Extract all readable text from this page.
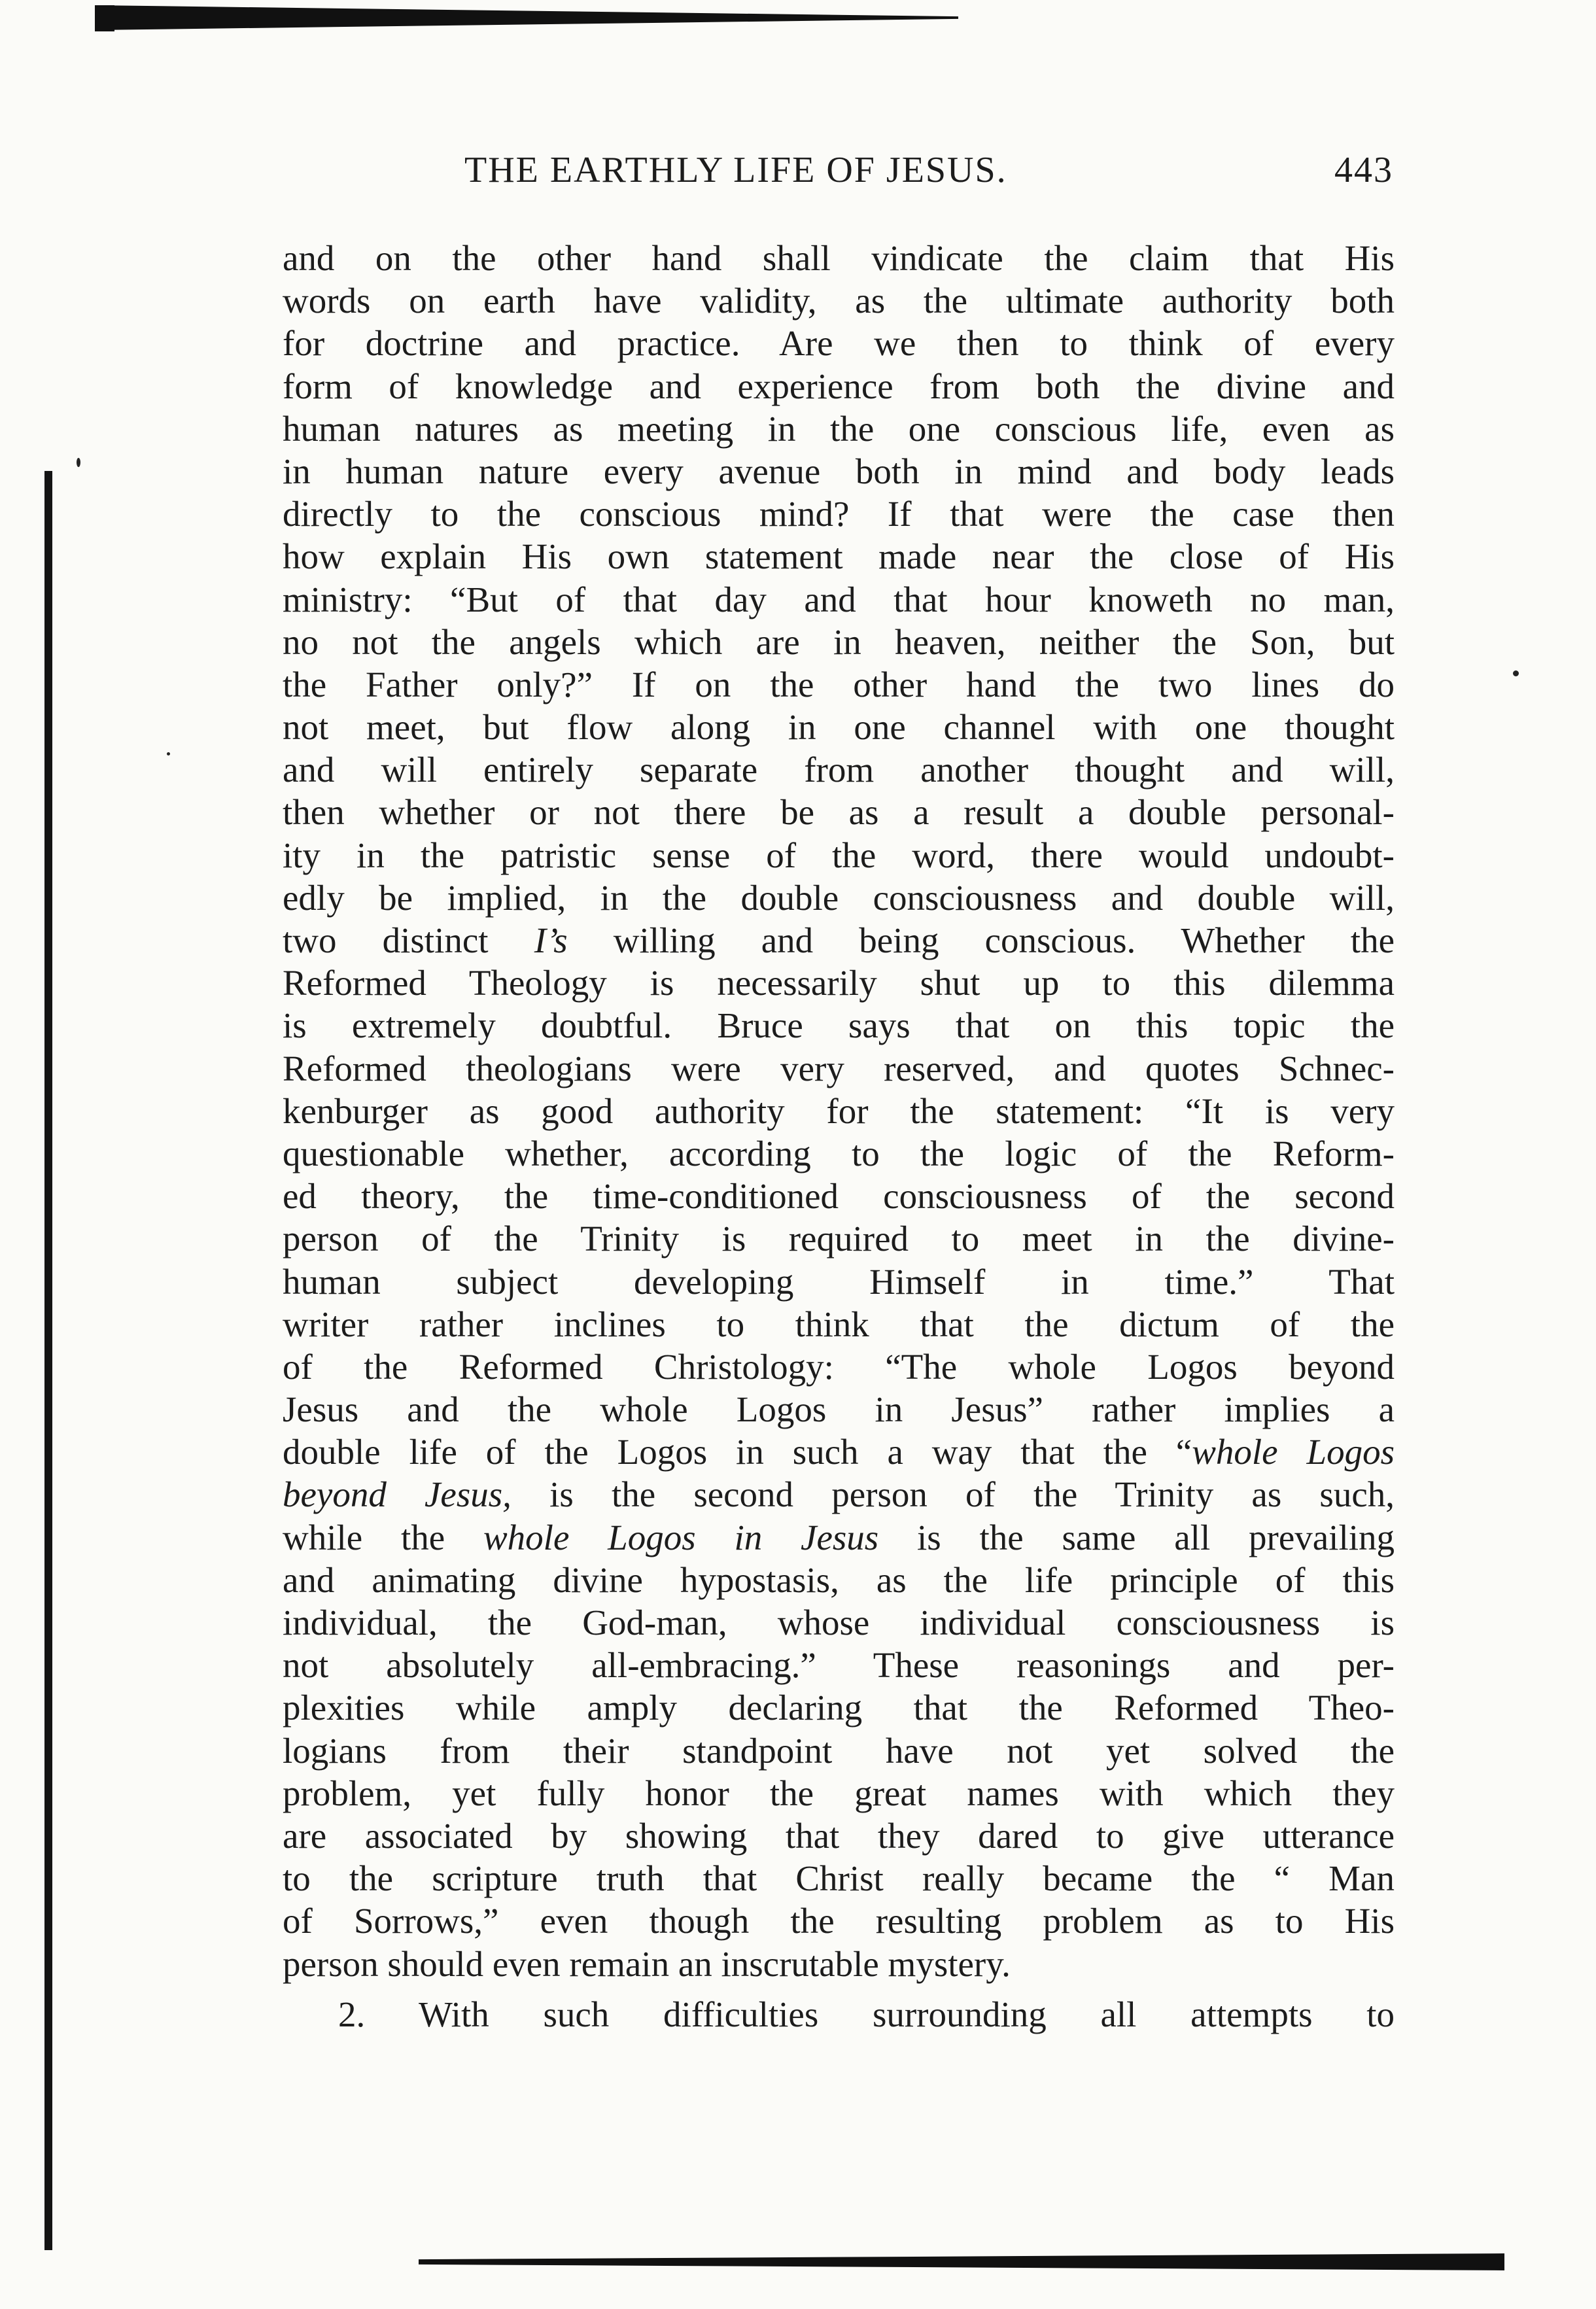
THE EARTHLY LIFE OF JESUS.	443
and on the other hand shall vindicate the claim that His
words on earth have validity, as the ultimate authority both
for doctrine and practice. Are we then to think of every
form of knowledge and experience from both the divine and
human natures as meeting in the one conscious life, even as
in human nature every avenue both in mind and body leads
directly to the conscious mind? If that were the case then
how explain His own statement made near the close of His
ministry: “But of that day and that hour knoweth no man,
no not the angels which are in heaven, neither the Son, but
the Father only?” If on the other hand the two lines do
not meet, but flow along in one channel with one thought
and will entirely separate from another thought and will,
then whether or not there be as a result a double personal-
ity in the patristic sense of the word, there would undoubt-
edly be implied, in the double consciousness and double will,
two distinct I’s willing and being conscious. Whether the
Reformed Theology is necessarily shut up to this dilemma
is extremely doubtful. Bruce says that on this topic the
Reformed theologians were very reserved, and quotes Schnec-
kenburger as good authority for the statement: “It is very
questionable whether, according to the logic of the Reform-
ed theory, the time-conditioned consciousness of the second
person of the Trinity is required to meet in the divine-
human subject developing Himself in time.” That
writer rather inclines to think that the dictum of the
of the Reformed Christology: “The whole Logos beyond
Jesus and the whole Logos in Jesus” rather implies a
double life of the Logos in such a way that the “whole Logos
beyond Jesus, is the second person of the Trinity as such,
while the whole Logos in Jesus is the same all prevailing
and animating divine hypostasis, as the life principle of this
individual, the God-man, whose individual consciousness is
not absolutely all-embracing.” These reasonings and per-
plexities while amply declaring that the Reformed Theo-
logians from their standpoint have not yet solved the
problem, yet fully honor the great names with which they
are associated by showing that they dared to give utterance
to the scripture truth that Christ really became the “ Man
of Sorrows,” even though the resulting problem as to His
person should even remain an inscrutable mystery.
2. With such difficulties surrounding all attempts to
